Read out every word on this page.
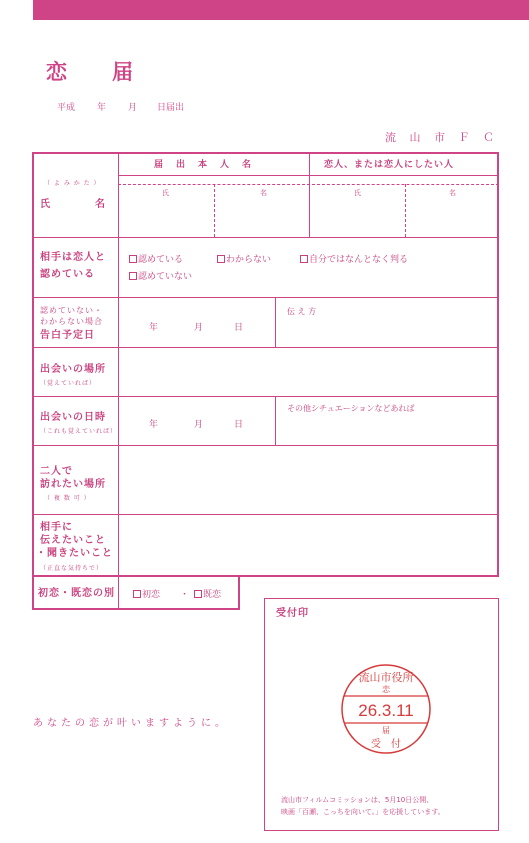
恋　届
平成 年 月 日届出
流 山 市 Ｆ Ｃ
届　出　本　人　名	恋人、または恋人にしたい人
氏	名	氏	名
（ よ み か た ）
氏　　　　名
相手は恋人と
認めている
認めている	わからない	自分ではなんとなく判る
認めていない
認めていない・
わからない場合
告白予定日
年	月	日
伝 え 方
出会いの場所
（覚えていれば）
出会いの日時
（これも覚えていれば）
年	月	日
その他シチュエーションなどあれば
二人で
訪れたい場所
（ 複 数 可 ）
相手に
伝えたいこと
・聞きたいこと
（正直な気持ちで）
初恋・既恋の別	初恋 ・	既恋
受付印
流山市フィルムコミッションは、5月10日公開、
映画「百瀬、こっちを向いて。」を応援しています。
流山市役所
恋
26.3.11
届
受　付
あなたの恋が叶いますように。
